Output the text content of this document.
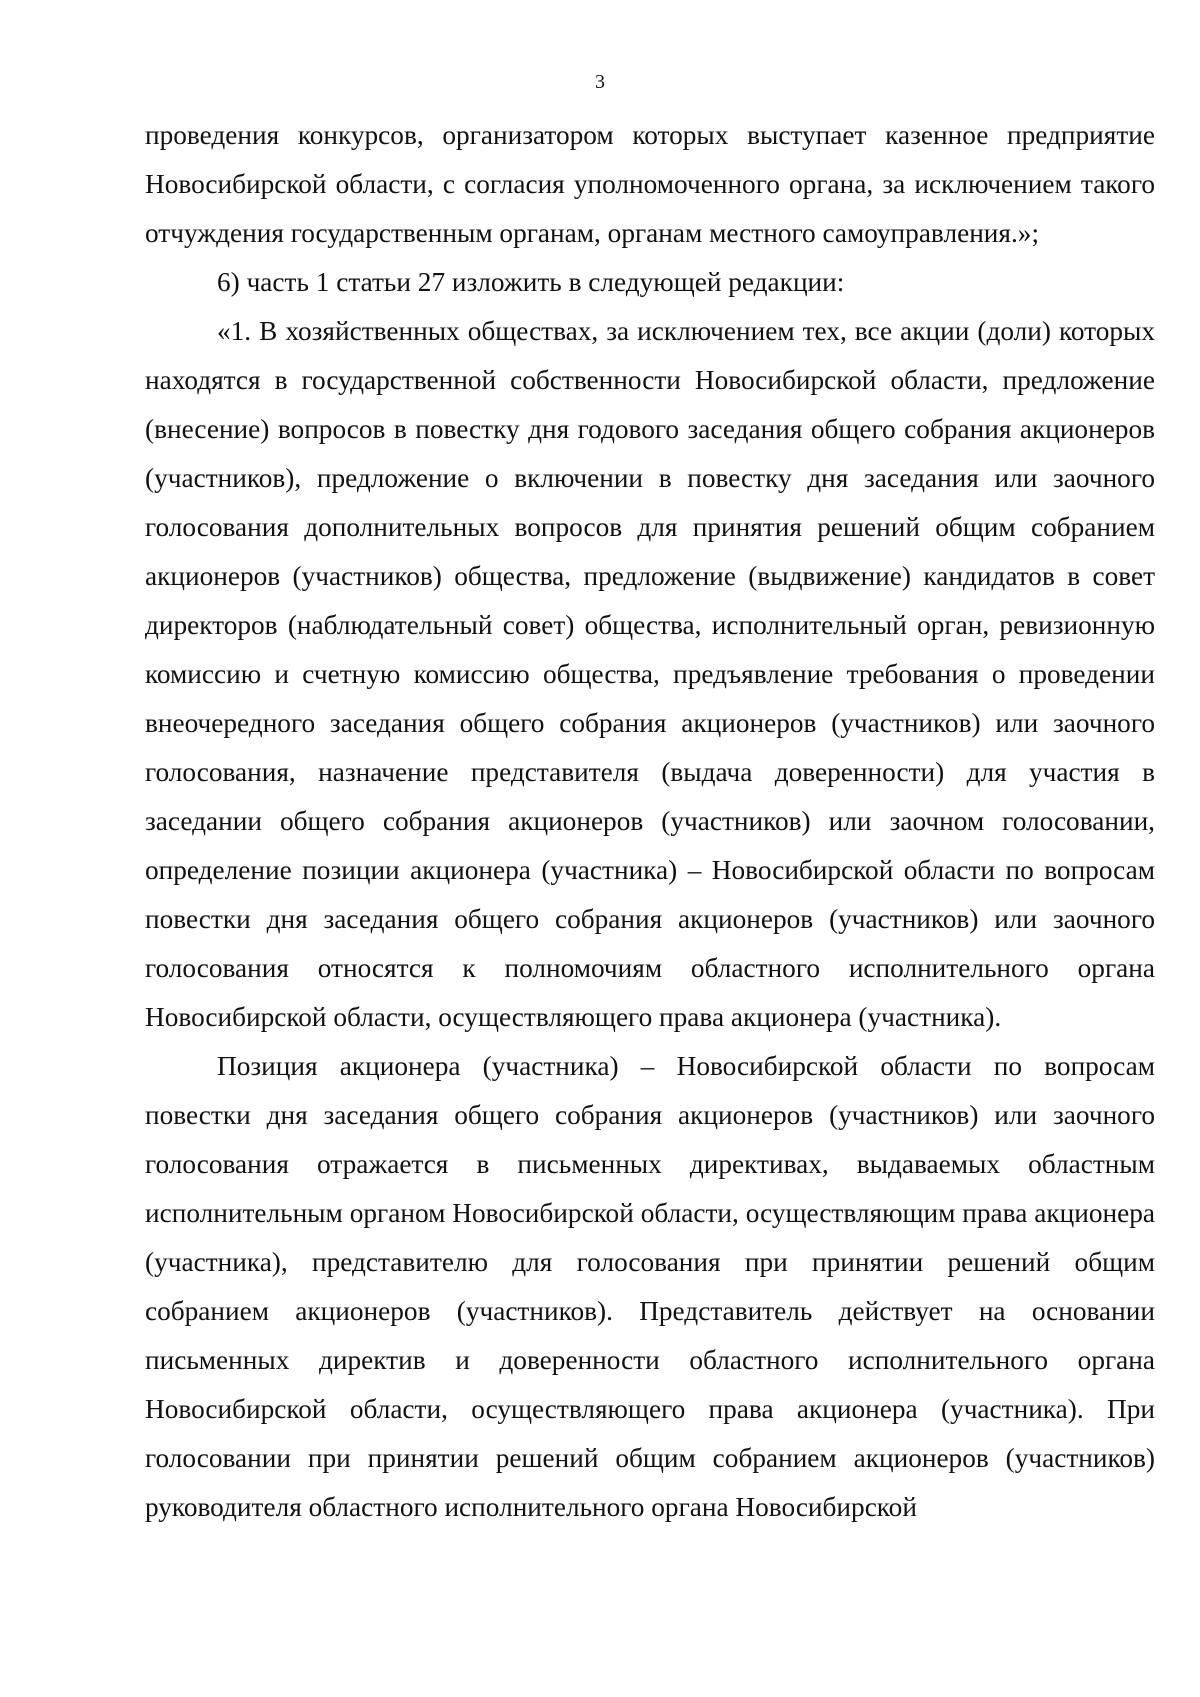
3

проведения конкурсов, организатором которых выступает казенное предприятие Новосибирской области, с согласия уполномоченного органа, за исключением такого отчуждения государственным органам, органам местного самоуправления.»;

6) часть 1 статьи 27 изложить в следующей редакции:

«1. В хозяйственных обществах, за исключением тех, все акции (доли) которых находятся в государственной собственности Новосибирской области, предложение (внесение) вопросов в повестку дня годового заседания общего собрания акционеров (участников), предложение о включении в повестку дня заседания или заочного голосования дополнительных вопросов для принятия решений общим собранием акционеров (участников) общества, предложение (выдвижение) кандидатов в совет директоров (наблюдательный совет) общества, исполнительный орган, ревизионную комиссию и счетную комиссию общества, предъявление требования о проведении внеочередного заседания общего собрания акционеров (участников) или заочного голосования, назначение представителя (выдача доверенности) для участия в заседании общего собрания акционеров (участников) или заочном голосовании, определение позиции акционера (участника) – Новосибирской области по вопросам повестки дня заседания общего собрания акционеров (участников) или заочного голосования относятся к полномочиям областного исполнительного органа Новосибирской области, осуществляющего права акционера (участника).

Позиция акционера (участника) – Новосибирской области по вопросам повестки дня заседания общего собрания акционеров (участников) или заочного голосования отражается в письменных директивах, выдаваемых областным исполнительным органом Новосибирской области, осуществляющим права акционера (участника), представителю для голосования при принятии решений общим собранием акционеров (участников). Представитель действует на основании письменных директив и доверенности областного исполнительного органа Новосибирской области, осуществляющего права акционера (участника). При голосовании при принятии решений общим собранием акционеров (участников) руководителя областного исполнительного органа Новосибирской
